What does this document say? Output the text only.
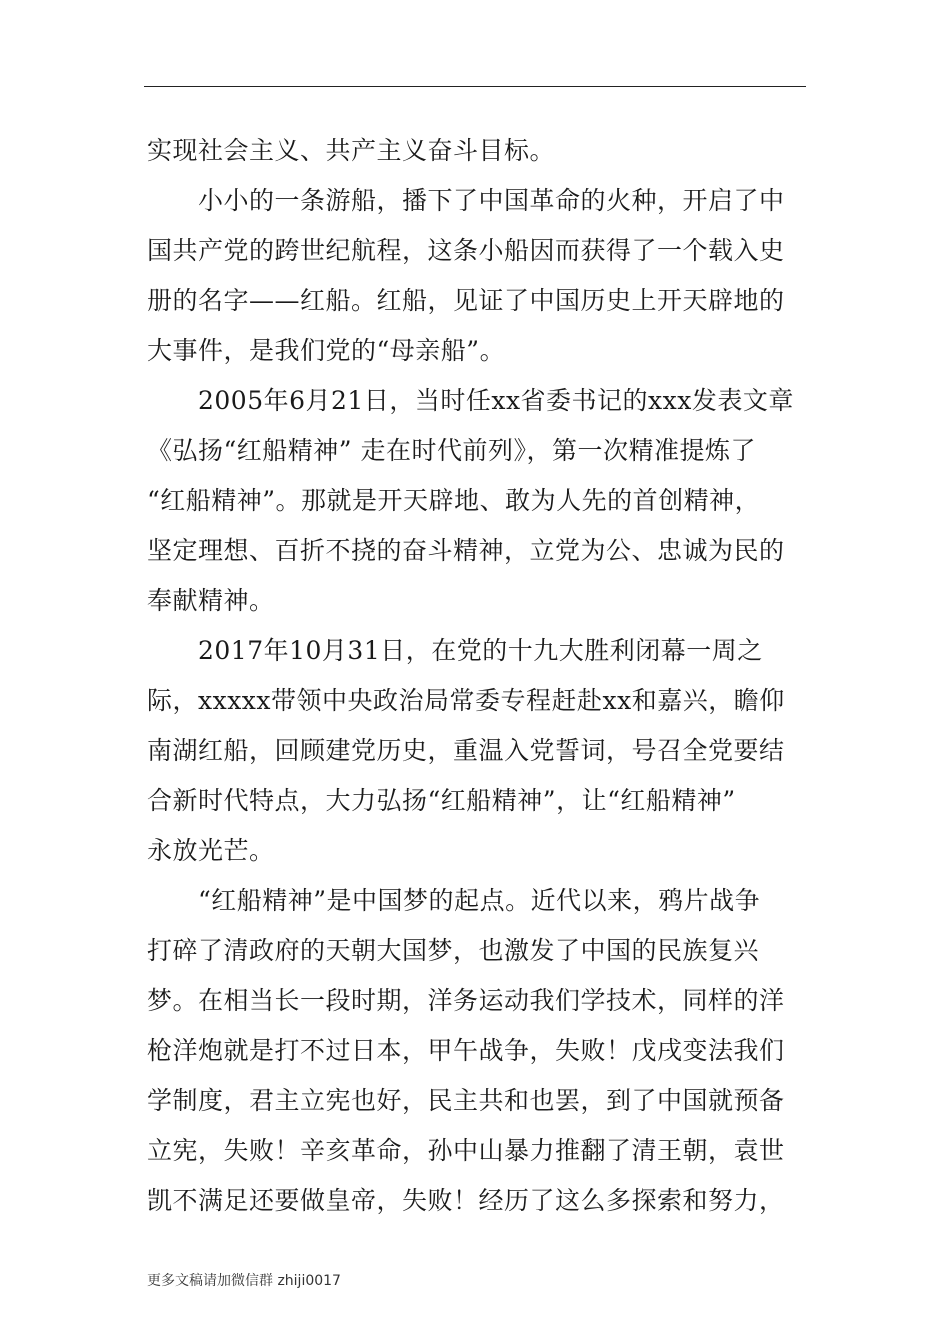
实现社会主义、共产主义奋斗目标。
　　小小的一条游船，播下了中国革命的火种，开启了中
国共产党的跨世纪航程，这条小船因而获得了一个载入史
册的名字——红船。红船，见证了中国历史上开天辟地的
大事件，是我们党的“母亲船”。
　　2005年6月21日，当时任xx省委书记的xxx发表文章
《弘扬“红船精神” 走在时代前列》，第一次精准提炼了
“红船精神”。那就是开天辟地、敢为人先的首创精神，
坚定理想、百折不挠的奋斗精神，立党为公、忠诚为民的
奉献精神。
　　2017年10月31日，在党的十九大胜利闭幕一周之
际，xxxxx带领中央政治局常委专程赶赴xx和嘉兴，瞻仰
南湖红船，回顾建党历史，重温入党誓词，号召全党要结
合新时代特点，大力弘扬“红船精神”，让“红船精神”
永放光芒。
　　“红船精神”是中国梦的起点。近代以来，鸦片战争
打碎了清政府的天朝大国梦，也激发了中国的民族复兴
梦。在相当长一段时期，洋务运动我们学技术，同样的洋
枪洋炮就是打不过日本，甲午战争，失败！戊戌变法我们
学制度，君主立宪也好，民主共和也罢，到了中国就预备
立宪，失败！辛亥革命，孙中山暴力推翻了清王朝，袁世
凯不满足还要做皇帝，失败！经历了这么多探索和努力，
更多文稿请加微信群 zhiji0017
